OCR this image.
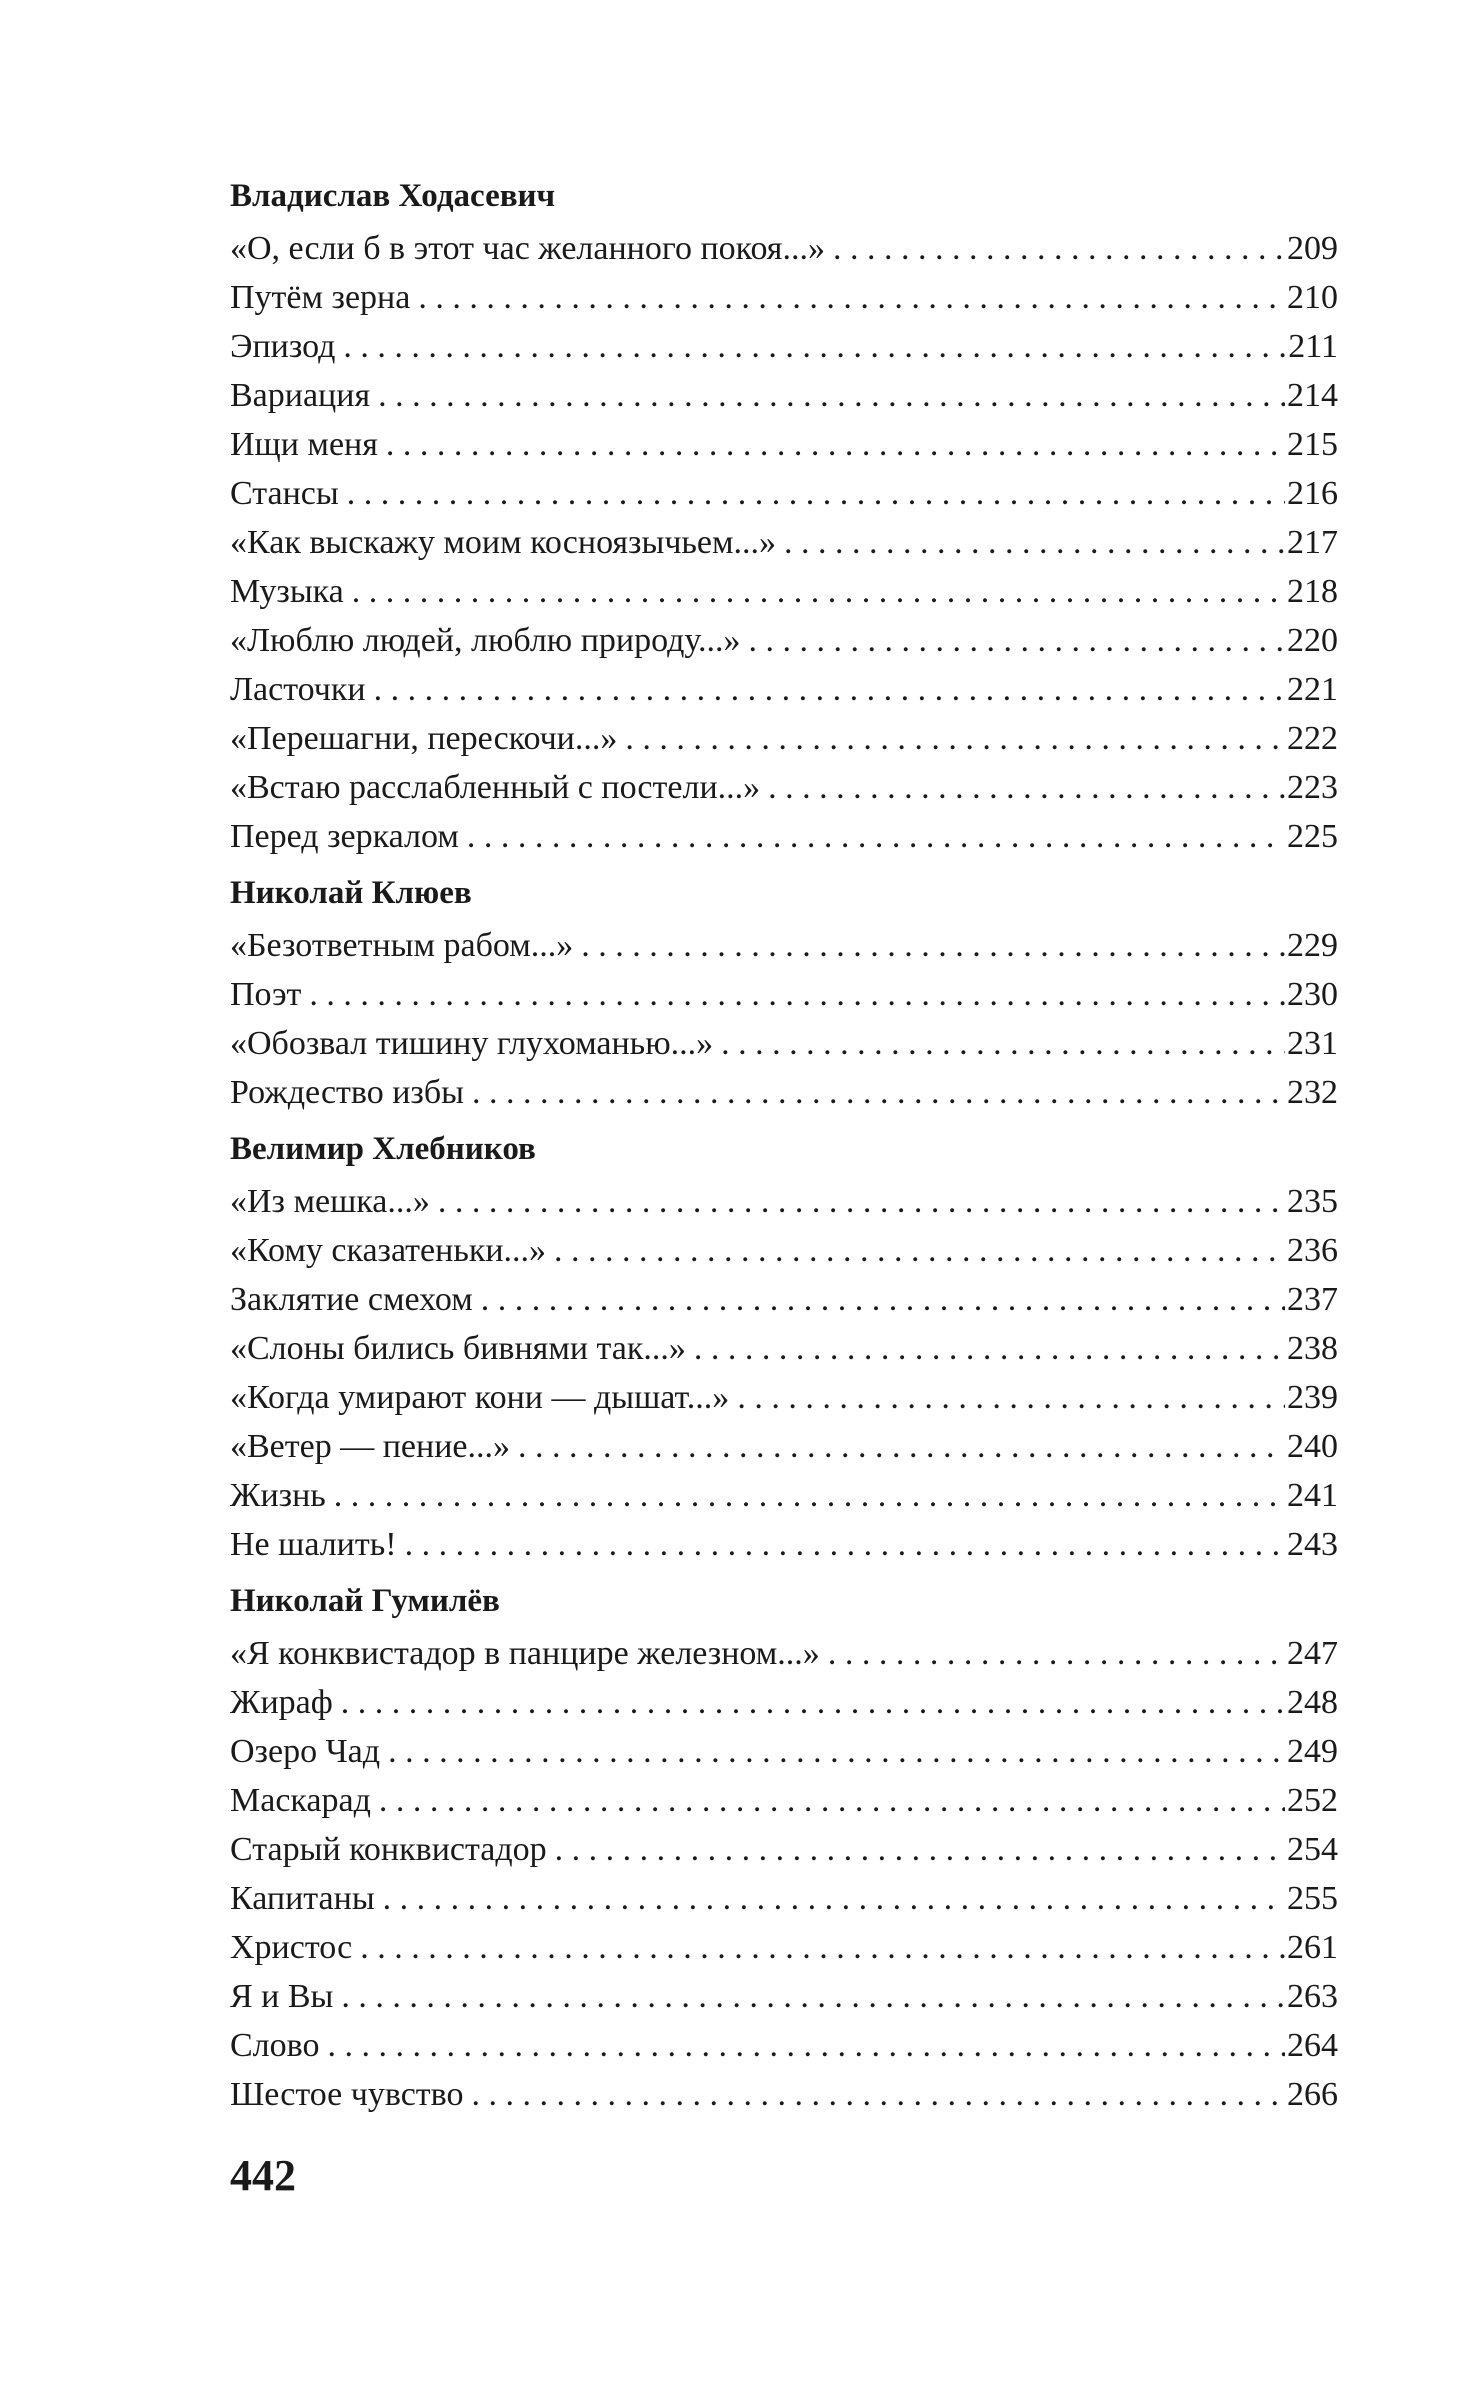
Владислав Ходасевич
«О, если б в этот час желанного покоя...» . . .	209
Путём зерна . . .	210
Эпизод . . .	211
Вариация . . .	214
Ищи меня . . .	215
Стансы . . .	216
«Как выскажу моим косноязычьем...» . . .	217
Музыка . . .	218
«Люблю людей, люблю природу...» . . .	220
Ласточки . . .	221
«Перешагни, перескочи...» . . .	222
«Встаю расслабленный с постели...» . . .	223
Перед зеркалом . . .	225
Николай Клюев
«Безответным рабом...» . . .	229
Поэт . . .	230
«Обозвал тишину глухоманью...» . . .	231
Рождество избы . . .	232
Велимир Хлебников
«Из мешка...» . . .	235
«Кому сказатеньки...» . . .	236
Заклятие смехом . . .	237
«Слоны бились бивнями так...» . . .	238
«Когда умирают кони — дышат...» . . .	239
«Ветер — пение...» . . .	240
Жизнь . . .	241
Не шалить! . . .	243
Николай Гумилёв
«Я конквистадор в панцире железном...» . . .	247
Жираф . . .	248
Озеро Чад . . .	249
Маскарад . . .	252
Старый конквистадор . . .	254
Капитаны . . .	255
Христос . . .	261
Я и Вы . . .	263
Слово . . .	264
Шестое чувство . . .	266
442
